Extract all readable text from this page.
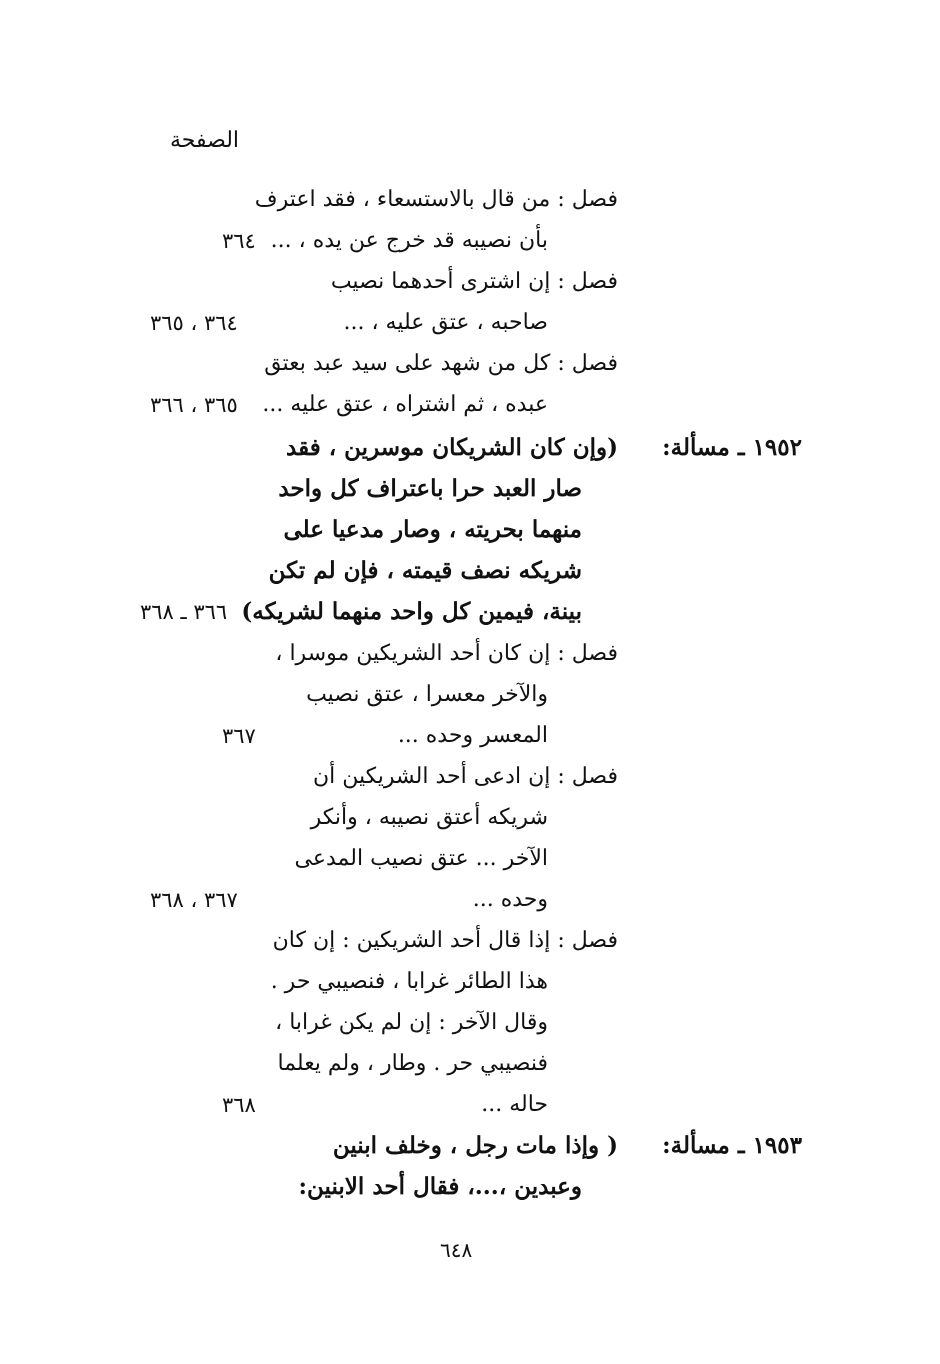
الصفحة
فصل : من قال بالاستسعاء ، فقد اعترف
بأن نصيبه قد خرج عن يده ، ...
٣٦٤
فصل : إن اشترى أحدهما نصيب
صاحبه ، عتق عليه ، ...
٣٦٤ ، ٣٦٥
فصل : كل من شهد على سيد عبد بعتق
عبده ، ثم اشتراه ، عتق عليه ...
٣٦٥ ، ٣٦٦
١٩٥٢ ـ مسألة:
(وإن كان الشريكان موسرين ، فقد
صار العبد حرا باعتراف كل واحد
منهما بحريته ، وصار مدعيا على
شريكه نصف قيمته ، فإن لم تكن
بينة، فيمين كل واحد منهما لشريكه)
٣٦٦ ـ ٣٦٨
فصل : إن كان أحد الشريكين موسرا ،
والآخر معسرا ، عتق نصيب
المعسر وحده ...
٣٦٧
فصل : إن ادعى أحد الشريكين أن
شريكه أعتق نصيبه ، وأنكر
الآخر ... عتق نصيب المدعى
وحده ...
٣٦٧ ، ٣٦٨
فصل : إذا قال أحد الشريكين : إن كان
هذا الطائر غرابا ، فنصيبي حر .
وقال الآخر : إن لم يكن غرابا ،
فنصيبي حر . وطار ، ولم يعلما
حاله ...
٣٦٨
١٩٥٣ ـ مسألة:
( وإذا مات رجل ، وخلف ابنين
وعبدين ،...، فقال أحد الابنين:
٦٤٨
